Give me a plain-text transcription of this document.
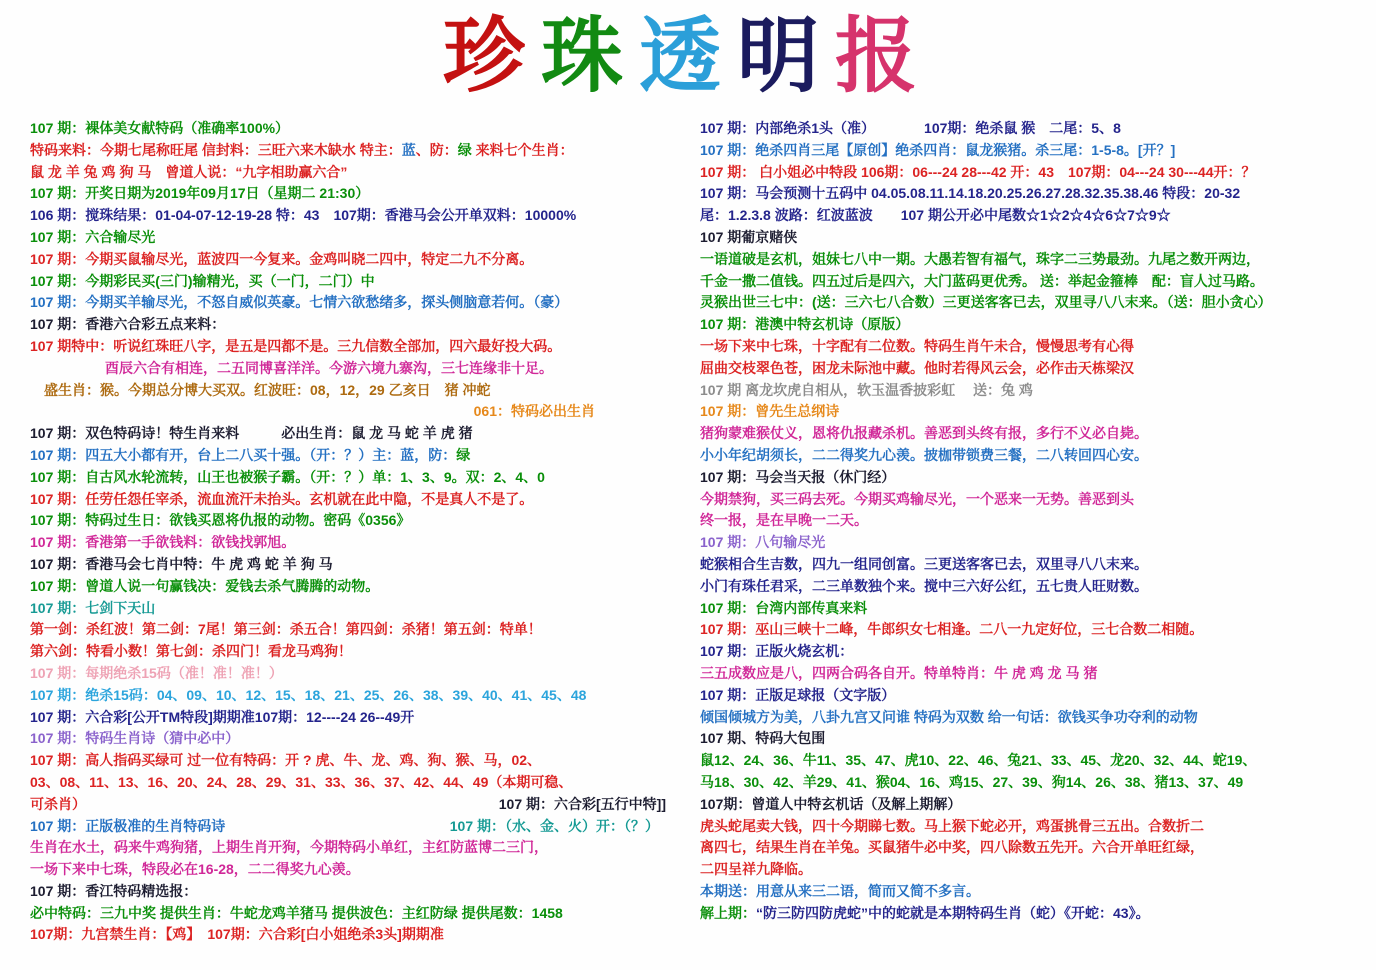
珍珠透明报
107 期：裸体美女献特码（准确率100%）
特码来料：今期七尾称旺尾 信封料：三旺六来木缺水 特主： 蓝 、防： 绿 来料七个生肖：
鼠 龙 羊 兔 鸡 狗 马　曾道人说：“九字相助赢六合”
107 期：开奖日期为2019年09月17日（星期二 21:30）
106 期：搅珠结果：01-04-07-12-19-28 特：43　107期：香港马会公开单双料：10000%
107 期：六合输尽光
107 期：今期买鼠输尽光，蓝波四一今复来。金鸡叫晓二四中，特定二九不分离。
107 期：今期彩民买(三门)输精光，买（一门，二门）中
107 期：今期买羊输尽光，不怒自威似英豪。七情六欲愁绪多，探头侧脑意若何。（豪）
107 期：香港六合彩五点来料：
107 期特中：听说红珠旺八字，是五是四都不是。三九信数全部加，四六最好投大码。
酉辰六合有相连，二五同博喜洋洋。今游六境九寨沟，三七连缘非十足。
盛生肖：猴。今期总分博大买双。红波旺：08，12，29 乙亥日　猪 冲蛇
061：特码必出生肖
107 期：双色特码诗！特生肖来料　　　必出生肖：鼠 龙 马 蛇 羊 虎 猪
107 期：四五大小都有开，台上二八买十强。（开：？）主：蓝，防： 绿
107 期：自古风水轮流转，山王也被猴子霸。（开：？）单：1、3、9。双：2、4、0
107 期：任劳任怨任宰杀，流血流汗未抬头。玄机就在此中隐，不是真人不是了。
107 期：特码过生日：欲钱买恩将仇报的动物。密码《0356》
107 期：香港第一手欲钱料：欲钱找郭旭。
107 期：香港马会七肖中特：牛 虎 鸡 蛇 羊 狗 马
107 期：曾道人说一句赢钱决：爱钱去杀气腾腾的动物。
107 期：七剑下天山
第一剑：杀红波！第二剑：7尾！第三剑：杀五合！第四剑：杀猪！第五剑：特单！
第六剑：特看小数！第七剑：杀四门！看龙马鸡狗！
107 期：每期绝杀15码（准！准！准！）
107 期：绝杀15码：04、09、10、12、15、18、21、25、26、38、39、40、41、45、48
107 期：六合彩[公开TM特段]期期准107期：12----24 26--49开
107 期：特码生肖诗（猜中必中）
107 期：高人指码买绿可 过一位有特码：开 ? 虎、牛、龙、鸡、狗、猴、马，02、
03、08、11、13、16、20、24、28、29、31、33、36、37、42、44、49（本期可稳、
可杀肖）	107 期：六合彩[五行中特]]　
107 期：正版极准的生肖特码诗	107 期：（水、金、火）开：（？）　　
生肖在水土，码来牛鸡狗猪，上期生肖开狗，今期特码小单红，主红防蓝博二三门，
一场下来中七珠，特段必在16-28，二二得奖九心羡。
107 期：香江特码精选报：
必中特码：三九中奖 提供生肖：牛蛇龙鸡羊猪马 提供波色：主红防绿 提供尾数：1458
107期：九宫禁生肖：【鸡】　107期：六合彩[白小姐绝杀3头]期期准
107 期：内部绝杀1头（准）　　　　107期：绝杀鼠 猴　二尾：5、8
107 期：绝杀四肖三尾【原创】绝杀四肖：鼠龙猴猪。杀三尾：1-5-8。[开？]
107 期： 白小姐必中特段 106期：06---24 28---42 开：43　107期：04---24 30---44开：？
107 期：马会预测十五码中 04.05.08.11.14.18.20.25.26.27.28.32.35.38.46 特段：20-32
尾：1.2.3.8 波路：红波蓝波　　107 期公开必中尾数☆1☆2☆4☆6☆7☆9☆
107 期葡京赌侠
一语道破是玄机，姐妹七八中一期。大愚若智有福气，珠字二三势最劲。九尾之数开两边，
千金一撒二值钱。四五过后是四六，大门蓝码更优秀。 送：举起金箍棒　配：盲人过马路。
灵猴出世三七中：(送：三六七八合数）三更送客客已去，双里寻八八末来。（送：胆小贪心）
107 期：港澳中特玄机诗（原版）
一场下来中七珠，十字配有二位数。特码生肖午未合，慢慢思考有心得
屈曲交枝翠色苍，困龙未际池中藏。他时若得风云会，必作击天栋梁汉
107 期 离龙坎虎自相从，软玉温香披彩虹　 送：兔 鸡
107 期：曾先生总纲诗
猪狗蒙难猴仗义，恩将仇报藏杀机。善恶到头终有报，多行不义必自毙。
小小年纪胡须长，二二得奖九心羡。披枷带锁费三餐，二八转回四心安。
107 期：马会当天报（休门经）
今期禁狗，买三码去死。今期买鸡输尽光，一个恶来一无势。善恶到头
终一报，是在早晚一二天。
107 期：八句输尽光
蛇猴相合生吉数，四九一组同创富。三更送客客已去，双里寻八八末来。
小门有珠任君采，二三单数独个来。搅中三六好公红，五七贵人旺财数。
107 期：台湾内部传真来料
107 期：巫山三峡十二峰，牛郎织女七相逢。二八一九定好位，三七合数二相随。
107 期：正版火烧玄机：
三五成数应是八，四两合码各自开。特单特肖：牛 虎 鸡 龙 马 猪
107 期：正版足球报（文字版）
倾国倾城方为美，八卦九宫又问谁 特码为双数 给一句话：欲钱买争功夺利的动物
107 期、特码大包围
鼠12、24、36、牛11、35、47、虎10、22、46、兔21、33、45、龙20、32、44、蛇19、
马18、30、42、羊29、41、猴04、16、鸡15、27、39、狗14、26、38、猪13、37、49
107期：曾道人中特玄机话（及解上期解）
虎头蛇尾卖大钱，四十今期睇七数。马上猴下蛇必开，鸡蛋挑骨三五出。合数折二
离四七，结果生肖在羊兔。买鼠猪牛必中奖，四八除数五先开。六合开单旺红绿，
二四呈祥九降临。
本期送：用意从来三二语，简而又简不多言。
解上期： “防三防四防虎蛇”中的蛇就是本期特码生肖（蛇）《开蛇：43》。
